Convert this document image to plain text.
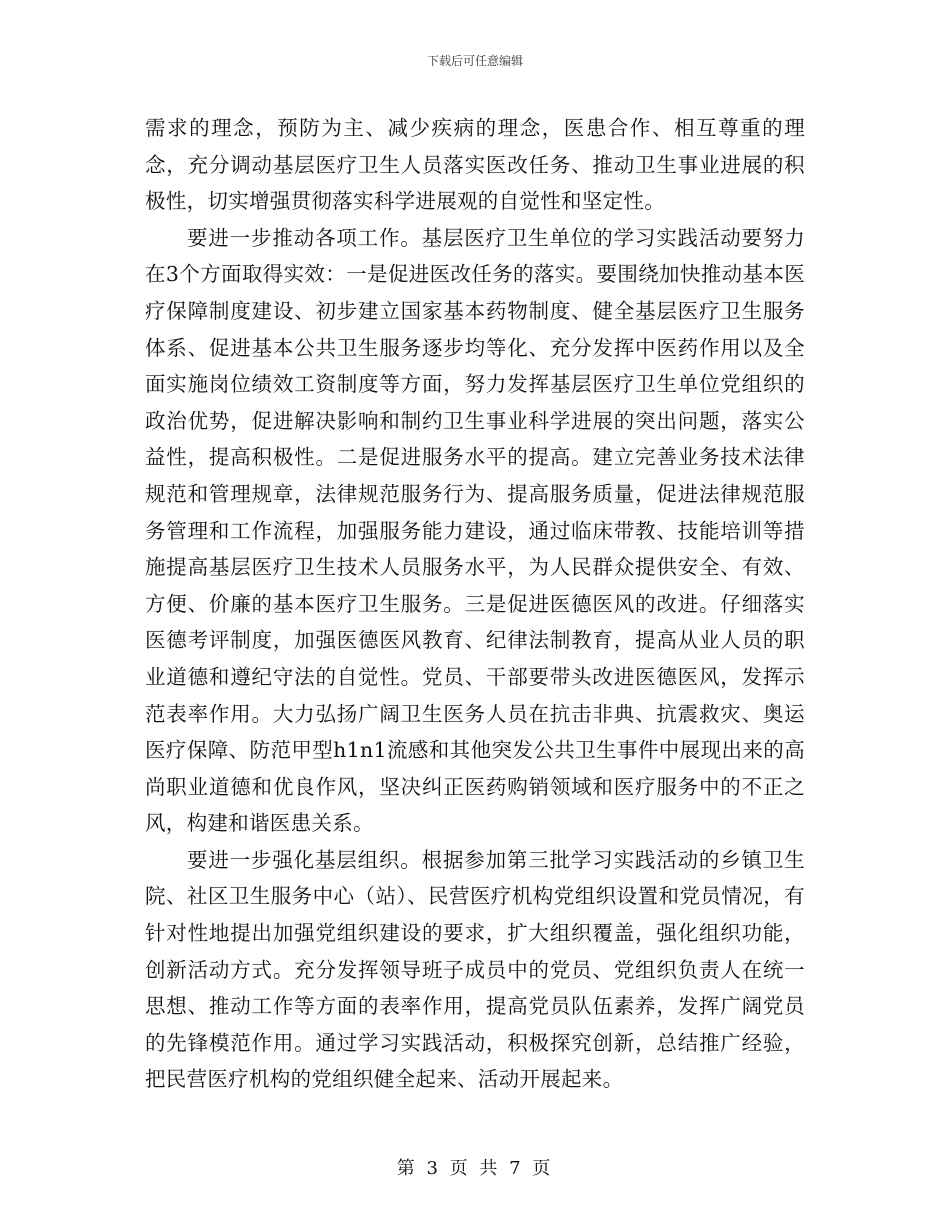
下载后可任意编辑

需求的理念，预防为主、减少疾病的理念，医患合作、相互尊重的理念，充分调动基层医疗卫生人员落实医改任务、推动卫生事业进展的积极性，切实增强贯彻落实科学进展观的自觉性和坚定性。

要进一步推动各项工作。基层医疗卫生单位的学习实践活动要努力在3个方面取得实效：一是促进医改任务的落实。要围绕加快推动基本医疗保障制度建设、初步建立国家基本药物制度、健全基层医疗卫生服务体系、促进基本公共卫生服务逐步均等化、充分发挥中医药作用以及全面实施岗位绩效工资制度等方面，努力发挥基层医疗卫生单位党组织的政治优势，促进解决影响和制约卫生事业科学进展的突出问题，落实公益性，提高积极性。二是促进服务水平的提高。建立完善业务技术法律规范和管理规章，法律规范服务行为、提高服务质量，促进法律规范服务管理和工作流程，加强服务能力建设，通过临床带教、技能培训等措施提高基层医疗卫生技术人员服务水平，为人民群众提供安全、有效、方便、价廉的基本医疗卫生服务。三是促进医德医风的改进。仔细落实医德考评制度，加强医德医风教育、纪律法制教育，提高从业人员的职业道德和遵纪守法的自觉性。党员、干部要带头改进医德医风，发挥示范表率作用。大力弘扬广阔卫生医务人员在抗击非典、抗震救灾、奥运医疗保障、防范甲型h1n1流感和其他突发公共卫生事件中展现出来的高尚职业道德和优良作风，坚决纠正医药购销领域和医疗服务中的不正之风，构建和谐医患关系。

要进一步强化基层组织。根据参加第三批学习实践活动的乡镇卫生院、社区卫生服务中心（站）、民营医疗机构党组织设置和党员情况，有针对性地提出加强党组织建设的要求，扩大组织覆盖，强化组织功能，创新活动方式。充分发挥领导班子成员中的党员、党组织负责人在统一思想、推动工作等方面的表率作用，提高党员队伍素养，发挥广阔党员的先锋模范作用。通过学习实践活动，积极探究创新，总结推广经验，把民营医疗机构的党组织健全起来、活动开展起来。

第 3 页 共 7 页
